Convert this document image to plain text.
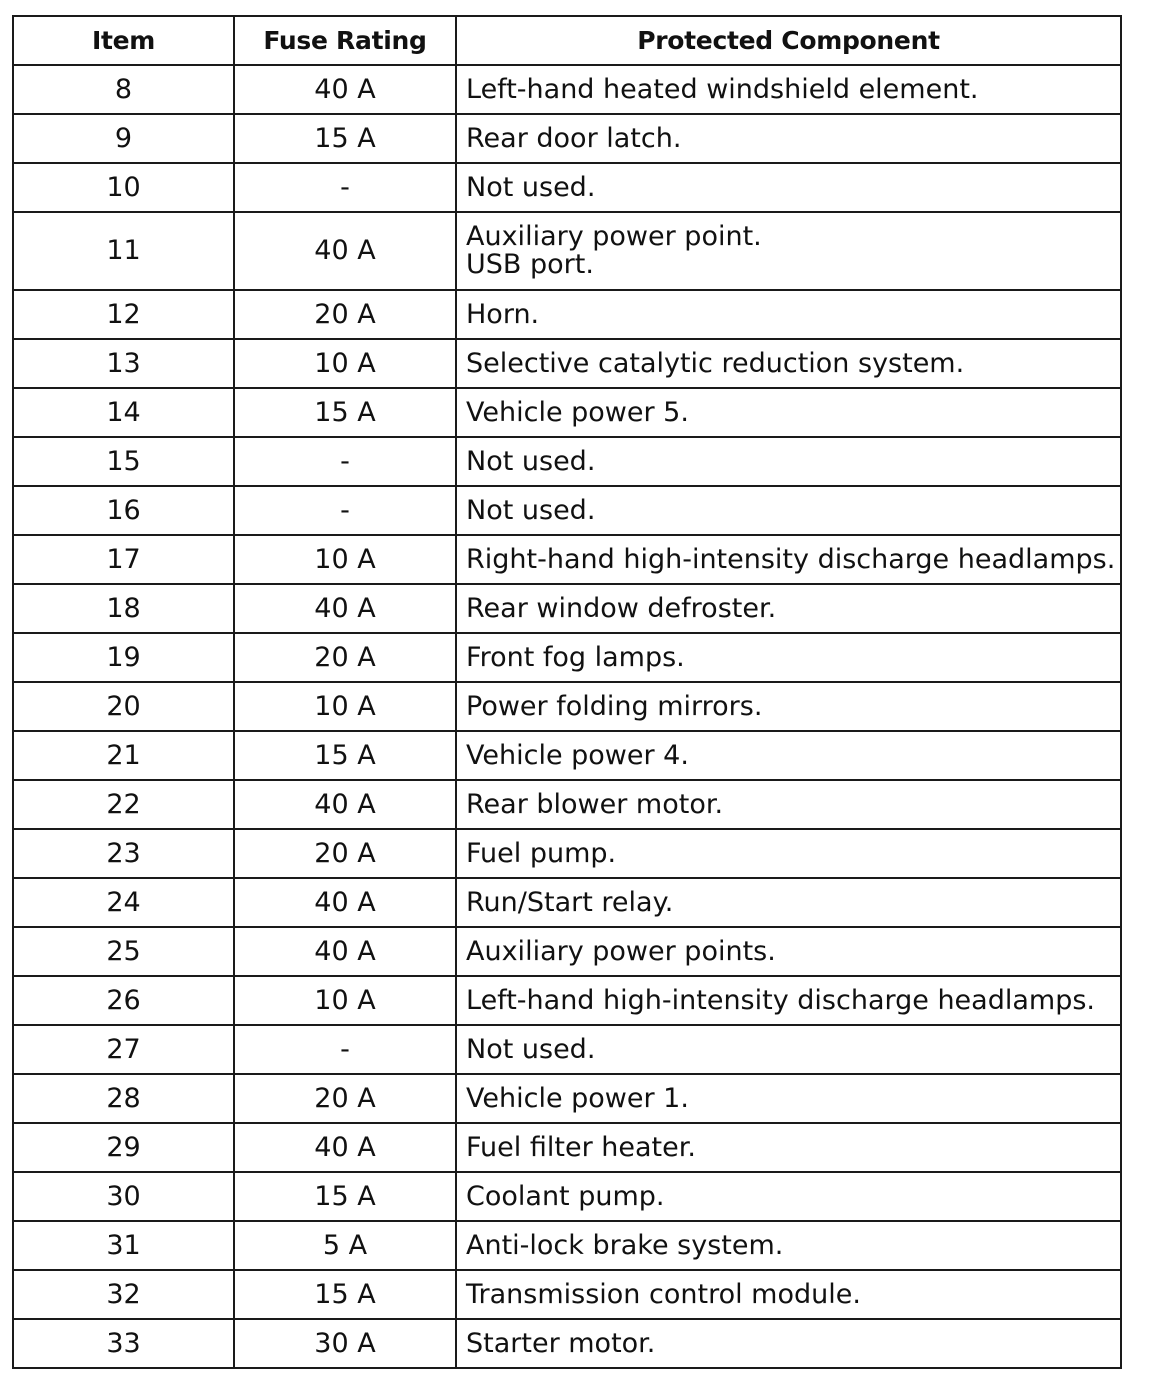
Item	Fuse Rating	Protected Component
8	40 A	Left-hand heated windshield element.

9	15 A	Rear door latch.

10	-	Not used.

11	40 A	Auxiliary power point.
USB port.

12	20 A	Horn.

13	10 A	Selective catalytic reduction system.

14	15 A	Vehicle power 5.

15	-	Not used.

16	-	Not used.

17	10 A	Right-hand high-intensity discharge headlamps.

18	40 A	Rear window defroster.

19	20 A	Front fog lamps.

20	10 A	Power folding mirrors.

21	15 A	Vehicle power 4.

22	40 A	Rear blower motor.

23	20 A	Fuel pump.

24	40 A	Run/Start relay.

25	40 A	Auxiliary power points.

26	10 A	Left-hand high-intensity discharge headlamps.

27	-	Not used.

28	20 A	Vehicle power 1.

29	40 A	Fuel filter heater.

30	15 A	Coolant pump.

31	5 A	Anti-lock brake system.

32	15 A	Transmission control module.

33	30 A	Starter motor.
